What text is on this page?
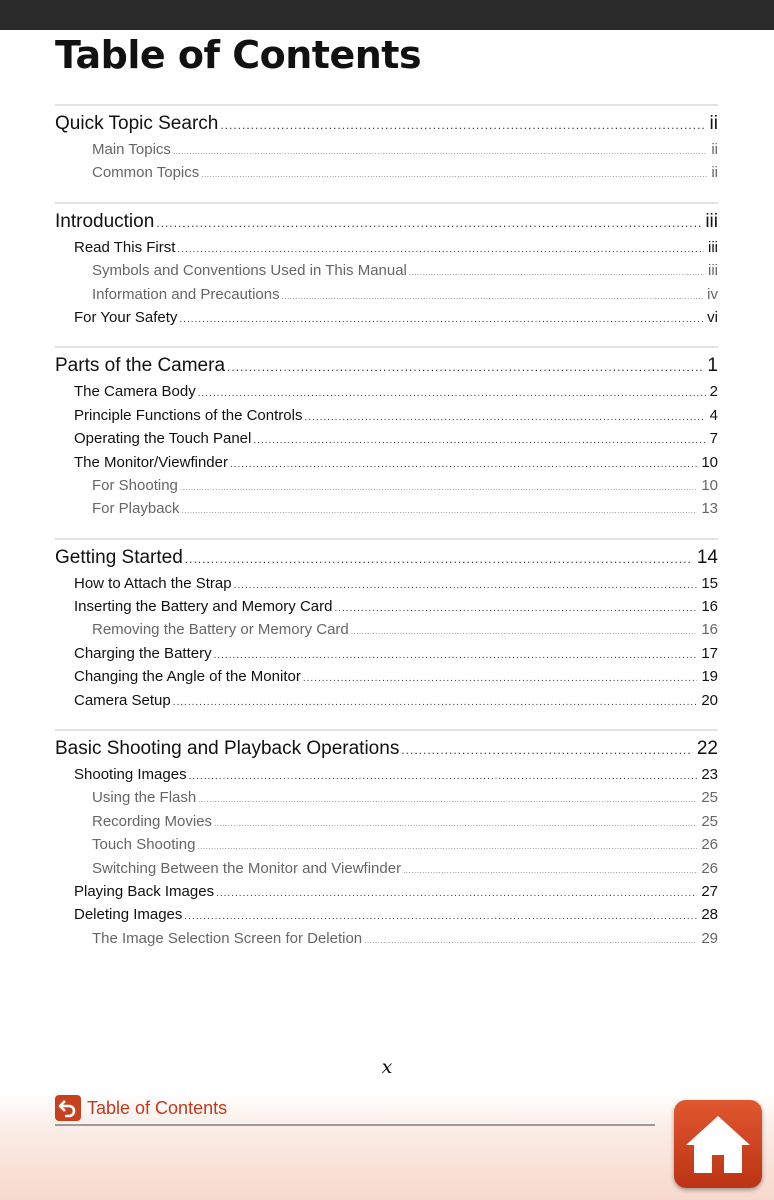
Table of Contents
Quick Topic Search .....	ii
Main Topics .....	ii
Common Topics .....	ii
Introduction .....	iii
Read This First .....	iii
Symbols and Conventions Used in This Manual .....	iii
Information and Precautions .....	iv
For Your Safety .....	vi
Parts of the Camera .....	1
The Camera Body .....	2
Principle Functions of the Controls .....	4
Operating the Touch Panel .....	7
The Monitor/Viewfinder .....	10
For Shooting .....	10
For Playback .....	13
Getting Started .....	14
How to Attach the Strap .....	15
Inserting the Battery and Memory Card .....	16
Removing the Battery or Memory Card .....	16
Charging the Battery .....	17
Changing the Angle of the Monitor .....	19
Camera Setup .....	20
Basic Shooting and Playback Operations .....	22
Shooting Images .....	23
Using the Flash .....	25
Recording Movies .....	25
Touch Shooting .....	26
Switching Between the Monitor and Viewfinder .....	26
Playing Back Images .....	27
Deleting Images .....	28
The Image Selection Screen for Deletion .....	29
x
Table of Contents
